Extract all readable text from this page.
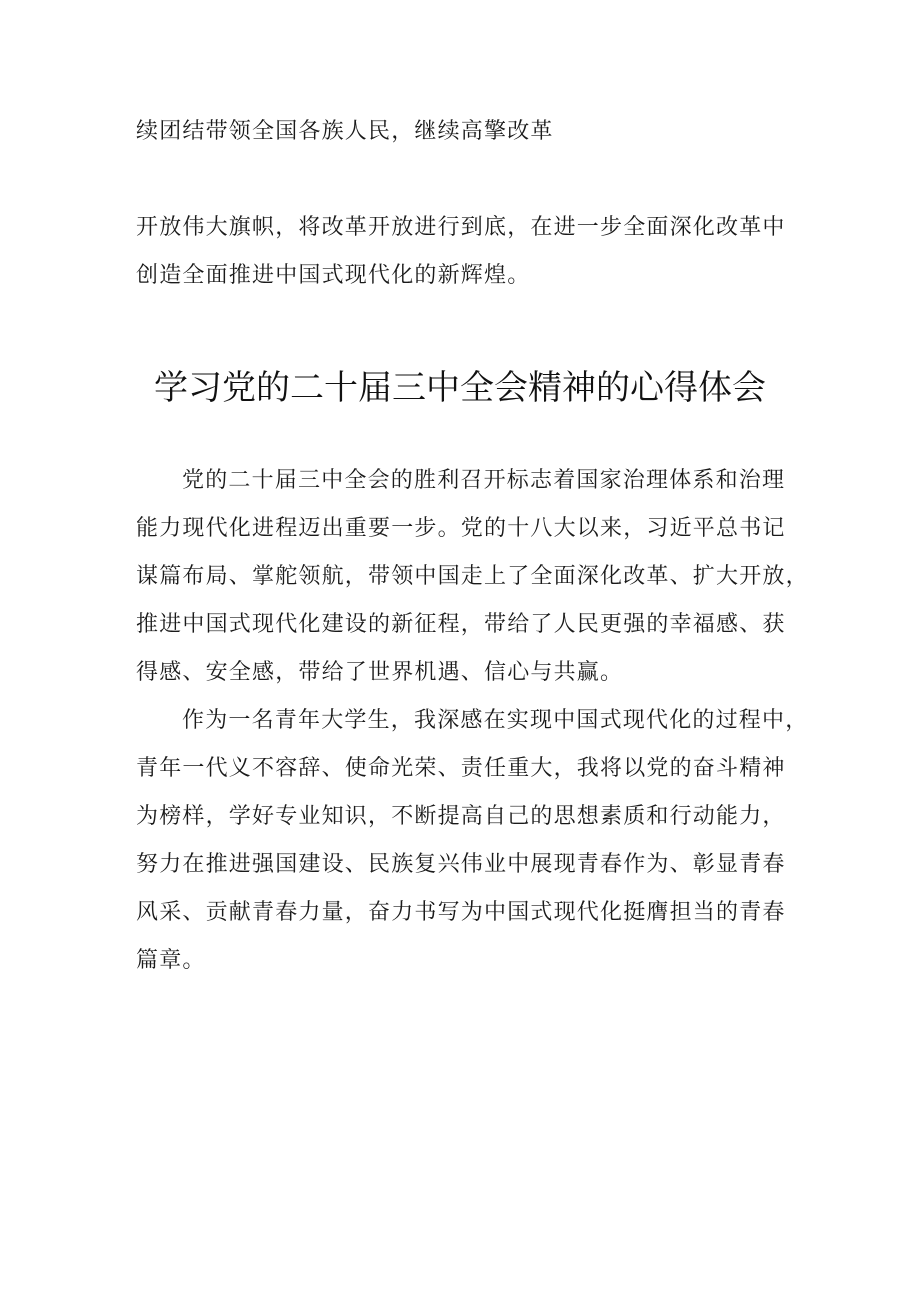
续团结带领全国各族人民，继续高擎改革
开放伟大旗帜，将改革开放进行到底，在进一步全面深化改革中
创造全面推进中国式现代化的新辉煌。
学习党的二十届三中全会精神的心得体会
党的二十届三中全会的胜利召开标志着国家治理体系和治理
能力现代化进程迈出重要一步。党的十八大以来，习近平总书记
谋篇布局、掌舵领航，带领中国走上了全面深化改革、扩大开放，
推进中国式现代化建设的新征程，带给了人民更强的幸福感、获
得感、安全感，带给了世界机遇、信心与共赢。
作为一名青年大学生，我深感在实现中国式现代化的过程中，
青年一代义不容辞、使命光荣、责任重大，我将以党的奋斗精神
为榜样，学好专业知识，不断提高自己的思想素质和行动能力，
努力在推进强国建设、民族复兴伟业中展现青春作为、彰显青春
风采、贡献青春力量，奋力书写为中国式现代化挺膺担当的青春
篇章。
